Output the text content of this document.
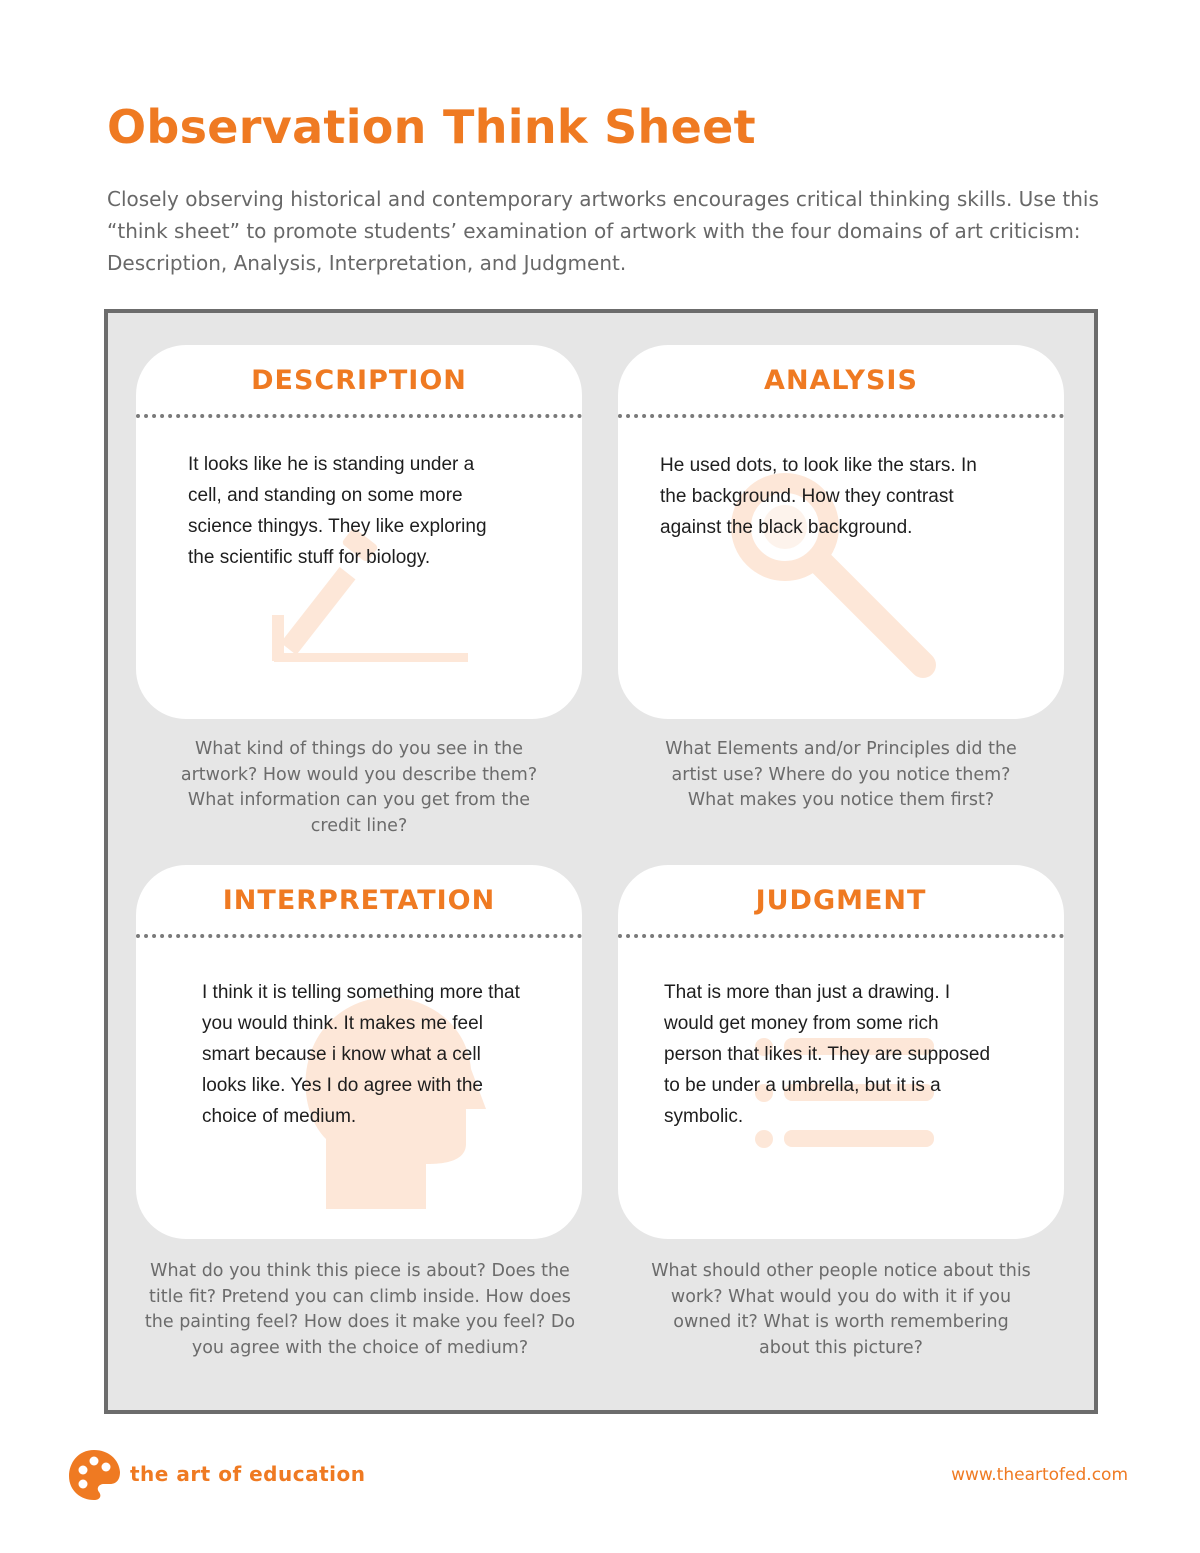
Observation Think Sheet

Closely observing historical and contemporary artworks encourages critical thinking skills. Use this “think sheet” to promote students’ examination of artwork with the four domains of art criticism: Description, Analysis, Interpretation, and Judgment.

DESCRIPTION

It looks like he is standing under a cell, and standing on some more science thingys. They like exploring the scientific stuff for biology.

What kind of things do you see in the artwork? How would you describe them? What information can you get from the credit line?

ANALYSIS

He used dots, to look like the stars. In the background. How they contrast against the black background.

What Elements and/or Principles did the artist use? Where do you notice them? What makes you notice them first?

INTERPRETATION

I think it is telling something more that you would think. It makes me feel smart because i know what a cell looks like. Yes I do agree with the choice of medium.

What do you think this piece is about? Does the title fit? Pretend you can climb inside. How does the painting feel? How does it make you feel? Do you agree with the choice of medium?

JUDGMENT

That is more than just a drawing. I would get money from some rich person that likes it. They are supposed to be under a umbrella, but it is a symbolic.

What should other people notice about this work? What would you do with it if you owned it? What is worth remembering about this picture?

the art of education	www.theartofed.com
